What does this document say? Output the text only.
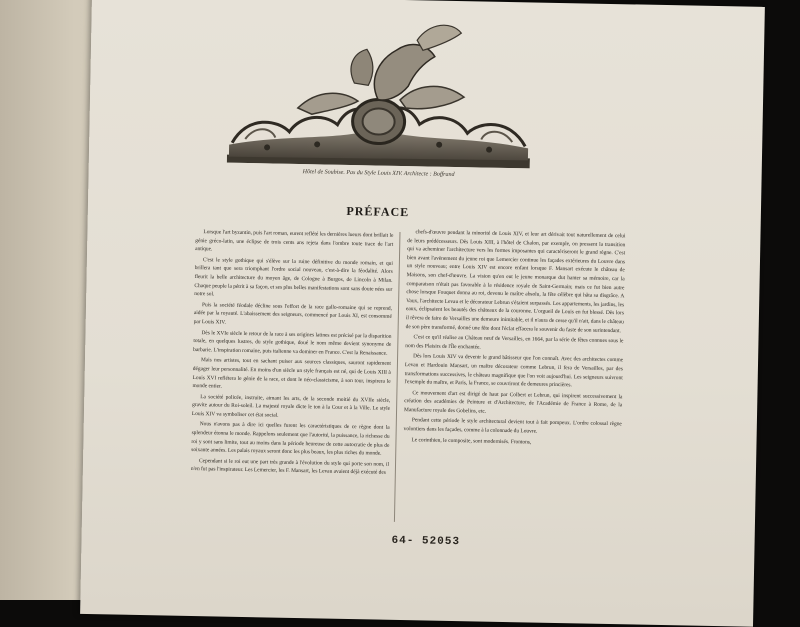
Hôtel de Soubise. Pas du Style Louis XIV. Architecte : Boffrand
PRÉFACE

Lorsque l'art byzantin, puis l'art roman, eurent reflété les dernières lueurs dont brillait le génie gréco-latin, une éclipse de trois cents ans rejeta dans l'ombre toute trace de l'art antique.

C'est le style gothique qui s'élève sur la ruine définitive du monde romain, et qui brillera tant que sera triomphant l'ordre social nouveau, c'est-à-dire la féodalité. Alors fleurit la belle architecture du moyen âge, de Cologne à Burgos, de Lincoln à Milan. Chaque peuple la pétrit à sa façon, et ses plus belles manifestations sont sans doute nées sur notre sol.

Puis la société féodale décline sous l'effort de la race gallo-romaine qui se reprend, aidée par la royauté. L'abaissement des seigneurs, commencé par Louis XI, est consommé par Louis XIV.

Dès le XVIe siècle le retour de la race à ses origines latines est précisé par la disparition totale, en quelques lustres, du style gothique, doué le nom même devient synonyme de barbarie. L'inspiration romaine, puis italienne va dominer en France. C'est la Renaissance.

Mais nos artistes, tout en sachant puiser aux sources classiques, sauront rapidement dégager leur personnalité. En moins d'un siècle un style français est né, qui de Louis XIII à Louis XVI reflétera le génie de la race, et dont le néo-classicisme, à son tour, inspirera le monde entier.

La société policée, instruite, aimant les arts, de la seconde moitié du XVIIe siècle, gravite autour du Roi-soleil. La majesté royale dicte le ton à la Cour et à la Ville. Le style Louis XIV va symboliser cet état social.

Nous n'avons pas à dire ici quelles furent les caractéristiques de ce règne dont la splendeur étonna le monde. Rappelons seulement que l'autorité, la puissance, la richesse du roi y sont sans limite, tout au moins dans la période heureuse de cette autocratie de plus de soixante années. Les palais royaux seront donc les plus beaux, les plus riches du monde.

Cependant si le roi eut une part très grande à l'évolution du style qui porte son nom, il n'en fut pas l'inspirateur. Les Lemercier, les F. Mansart, les Levau avaient déjà exécuté des

chefs-d'œuvre pendant la minorité de Louis XIV, et leur art dérivait tout naturellement de celui de leurs prédécesseurs. Dès Louis XIII, à l'hôtel de Chalon, par exemple, on pressent la transition qui va acheminer l'architecture vers les formes imposantes qui caractériseront le grand règne. C'est bien avant l'avènement du jeune roi que Lemercier continue les façades extérieures du Louvre dans un style nouveau; entre Louis XIV est encore enfant lorsque F. Mansart exécute le château de Maisons, son chef-d'œuvre. La vision qu'en eut le jeune monarque dut hanter sa mémoire, car la comparaison n'était pas favorable à la résidence royale de Saint-Germain; mais ce fut bien autre chose lorsque Fouquet donna au roi, devenu le maître absolu, la fête célèbre qui hâta sa disgrâce. A Vaux, l'architecte Levau et le décorateur Lebrun s'étaient surpassés. Les appartements, les jardins, les eaux, éclipsaient les beautés des châteaux de la couronne. L'orgueil de Louis en fut blessé. Dès lors il rêvera de faire de Versailles une demeure inimitable, et il n'aura de cesse qu'il n'ait, dans le château de son père transformé, donné une fête dont l'éclat effacera le souvenir du faste de son surintendant.

C'est ce qu'il réalise au Château neuf de Versailles, en 1664, par la série de fêtes connues sous le nom des Plaisirs de l'Île enchantée.

Dès lors Louis XIV va devenir le grand bâtisseur que l'on connaît. Avec des architectes comme Levau et Hardouin Mansart, un maître décorateur comme Lebrun, il fera de Versailles, par des transformations successives, le château magnifique que l'on voit aujourd'hui. Les seigneurs suivront l'exemple du maître, et Paris, la France, se couvriront de demeures princières.

Ce mouvement d'art est dirigé de haut par Colbert et Lebrun, qui inspirent successivement la création des académies de Peinture et d'Architecture, de l'Académie de France à Rome, de la Manufacture royale des Gobelins, etc.

Pendant cette période le style architectural devient tout à fait pompeux. L'ordre colossal règne volontiers dans les façades, comme à la colonnade du Louvre.

Le corinthien, le composite, sont modernisés. Frontons,

64- 52053
